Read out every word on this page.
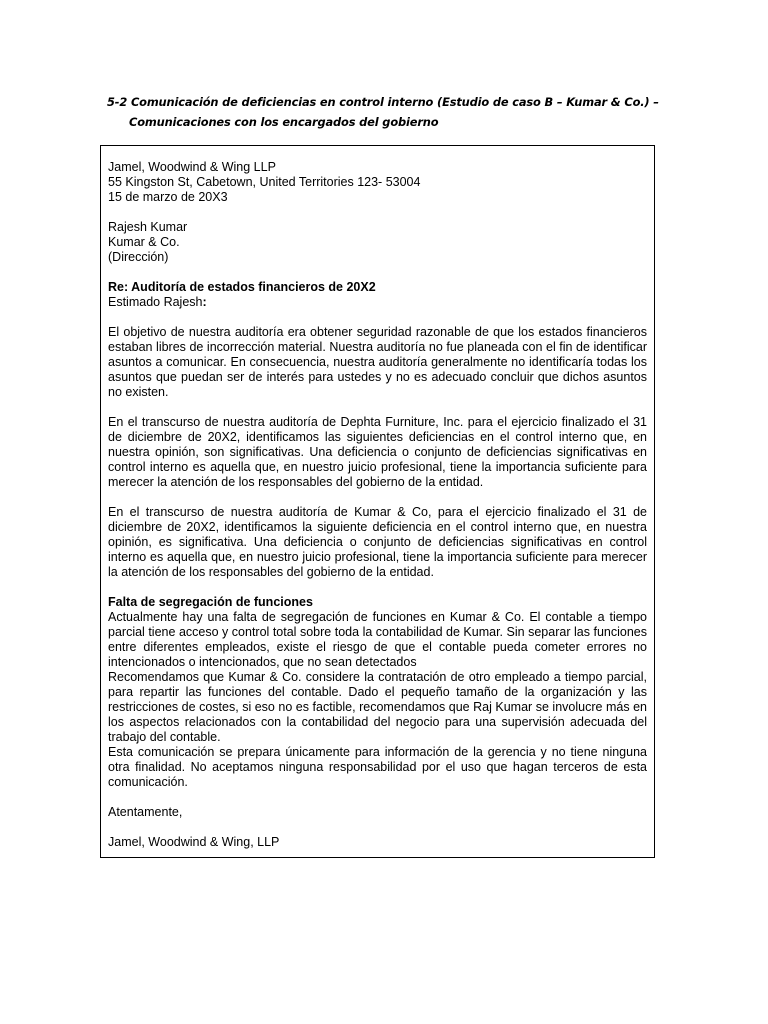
5-2 Comunicación de deficiencias en control interno (Estudio de caso B – Kumar & Co.) –
Comunicaciones con los encargados del gobierno

Jamel, Woodwind & Wing LLP
55 Kingston St, Cabetown, United Territories 123- 53004
15 de marzo de 20X3

Rajesh Kumar
Kumar & Co.
(Dirección)

Re: Auditoría de estados financieros de 20X2
Estimado Rajesh:

El objetivo de nuestra auditoría era obtener seguridad razonable de que los estados financieros estaban libres de incorrección material. Nuestra auditoría no fue planeada con el fin de identificar asuntos a comunicar. En consecuencia, nuestra auditoría generalmente no identificaría todas los asuntos que puedan ser de interés para ustedes y no es adecuado concluir que dichos asuntos no existen.

En el transcurso de nuestra auditoría de Dephta Furniture, Inc. para el ejercicio finalizado el 31 de diciembre de 20X2, identificamos las siguientes deficiencias en el control interno que, en nuestra opinión, son significativas. Una deficiencia o conjunto de deficiencias significativas en control interno es aquella que, en nuestro juicio profesional, tiene la importancia suficiente para merecer la atención de los responsables del gobierno de la entidad.

En el transcurso de nuestra auditoría de Kumar & Co, para el ejercicio finalizado el 31 de diciembre de 20X2, identificamos la siguiente deficiencia en el control interno que, en nuestra opinión, es significativa. Una deficiencia o conjunto de deficiencias significativas en control interno es aquella que, en nuestro juicio profesional, tiene la importancia suficiente para merecer la atención de los responsables del gobierno de la entidad.

Falta de segregación de funciones

Actualmente hay una falta de segregación de funciones en Kumar & Co. El contable a tiempo parcial tiene acceso y control total sobre toda la contabilidad de Kumar. Sin separar las funciones entre diferentes empleados, existe el riesgo de que el contable pueda cometer errores no intencionados o intencionados, que no sean detectados

Recomendamos que Kumar & Co. considere la contratación de otro empleado a tiempo parcial, para repartir las funciones del contable. Dado el pequeño tamaño de la organización y las restricciones de costes, si eso no es factible, recomendamos que Raj Kumar se involucre más en los aspectos relacionados con la contabilidad del negocio para una supervisión adecuada del trabajo del contable.

Esta comunicación se prepara únicamente para información de la gerencia y no tiene ninguna otra finalidad. No aceptamos ninguna responsabilidad por el uso que hagan terceros de esta comunicación.

Atentamente,

Jamel, Woodwind & Wing, LLP
